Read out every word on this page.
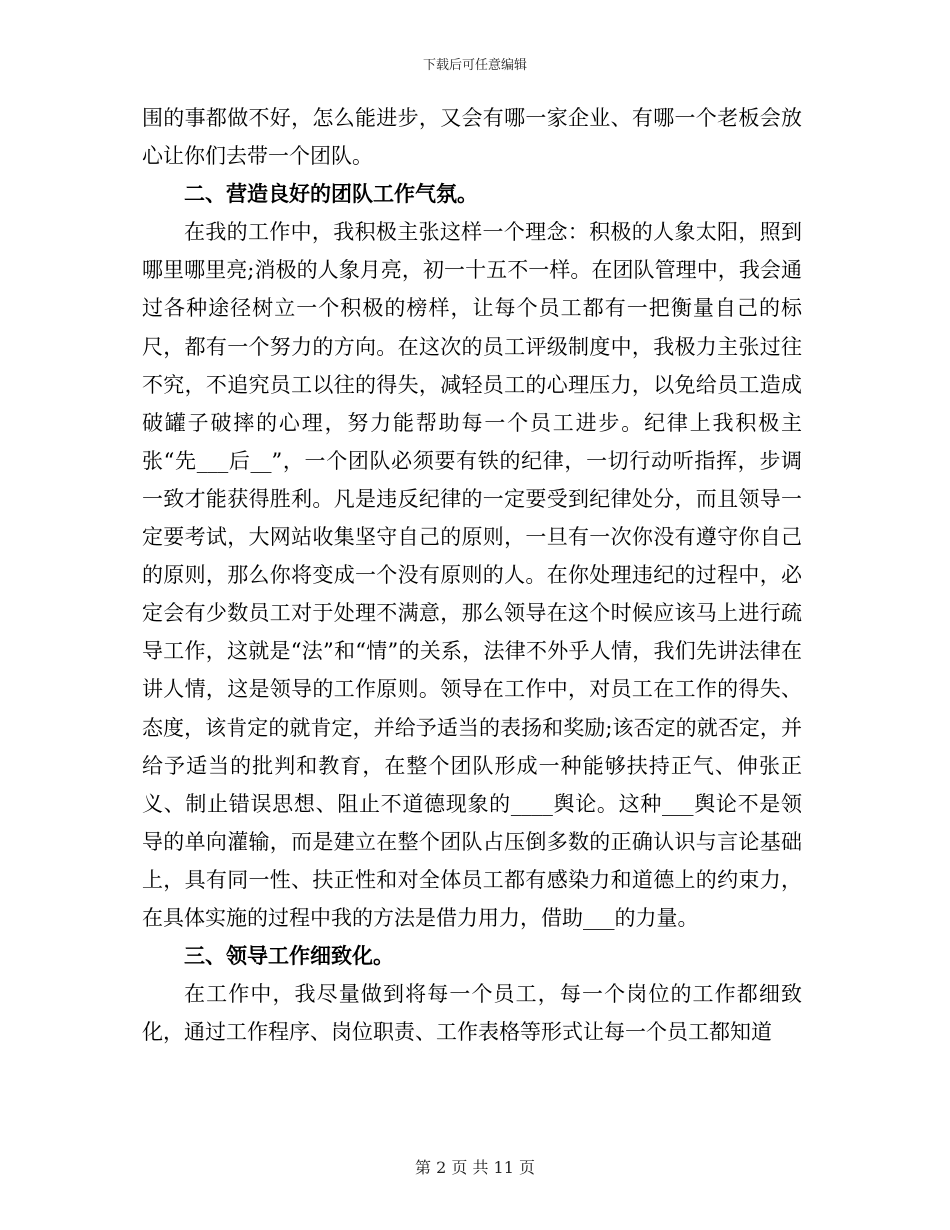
下载后可任意编辑

围的事都做不好，怎么能进步，又会有哪一家企业、有哪一个老板会放心让你们去带一个团队。

二、营造良好的团队工作气氛。

在我的工作中，我积极主张这样一个理念：积极的人象太阳，照到哪里哪里亮;消极的人象月亮，初一十五不一样。在团队管理中，我会通过各种途径树立一个积极的榜样，让每个员工都有一把衡量自己的标尺，都有一个努力的方向。在这次的员工评级制度中，我极力主张过往不究，不追究员工以往的得失，减轻员工的心理压力，以免给员工造成破罐子破摔的心理，努力能帮助每一个员工进步。纪律上我积极主张“先___后__”，一个团队必须要有铁的纪律，一切行动听指挥，步调一致才能获得胜利。凡是违反纪律的一定要受到纪律处分，而且领导一定要考试，大网站收集坚守自己的原则，一旦有一次你没有遵守你自己的原则，那么你将变成一个没有原则的人。在你处理违纪的过程中，必定会有少数员工对于处理不满意，那么领导在这个时候应该马上进行疏导工作，这就是“法”和“情”的关系，法律不外乎人情，我们先讲法律在讲人情，这是领导的工作原则。领导在工作中，对员工在工作的得失、态度，该肯定的就肯定，并给予适当的表扬和奖励;该否定的就否定，并给予适当的批判和教育，在整个团队形成一种能够扶持正气、伸张正义、制止错误思想、阻止不道德现象的____舆论。这种___舆论不是领导的单向灌输，而是建立在整个团队占压倒多数的正确认识与言论基础上，具有同一性、扶正性和对全体员工都有感染力和道德上的约束力，在具体实施的过程中我的方法是借力用力，借助___的力量。

三、领导工作细致化。

在工作中，我尽量做到将每一个员工，每一个岗位的工作都细致化，通过工作程序、岗位职责、工作表格等形式让每一个员工都知道

第 2 页 共 11 页
